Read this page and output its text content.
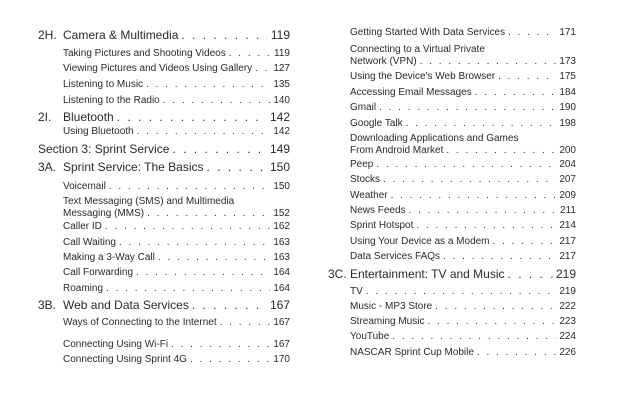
2H. Camera & Multimedia . . .	119
Taking Pictures and Shooting Videos . . .	119
Viewing Pictures and Videos Using Gallery . . . 127
Listening to Music . . .	135
Listening to the Radio . . .	140
2I. Bluetooth . . .	142
Using Bluetooth . . .	142
Section 3: Sprint Service . . .	149
3A. Sprint Service: The Basics . . .	150
Voicemail . . .	150
Text Messaging (SMS) and Multimedia
Messaging (MMS) . . .	152
Caller ID . . .	162
Call Waiting . . .	163
Making a 3-Way Call . . .	163
Call Forwarding . . .	164
Roaming . . .	164
3B. Web and Data Services . . .	167
Ways of Connecting to the Internet . . .	167
Connecting Using Wi-Fi . . .	167
Connecting Using Sprint 4G . . .	170
Getting Started With Data Services . . .	171
Connecting to a Virtual Private
Network (VPN) . . .	173
Using the Device's Web Browser . . .	175
Accessing Email Messages . . .	184
Gmail . . .	190
Google Talk . . .	198
Downloading Applications and Games
From Android Market . . .	200
Peep . . .	204
Stocks . . .	207
Weather . . .	209
News Feeds . . .	211
Sprint Hotspot . . .	214
Using Your Device as a Modem . . .	217
Data Services FAQs . . .	217
3C. Entertainment: TV and Music . . .	219
TV . . .	219
Music - MP3 Store . . .	222
Streaming Music . . .	223
YouTube . . .	224
NASCAR Sprint Cup Mobile . . .	226
